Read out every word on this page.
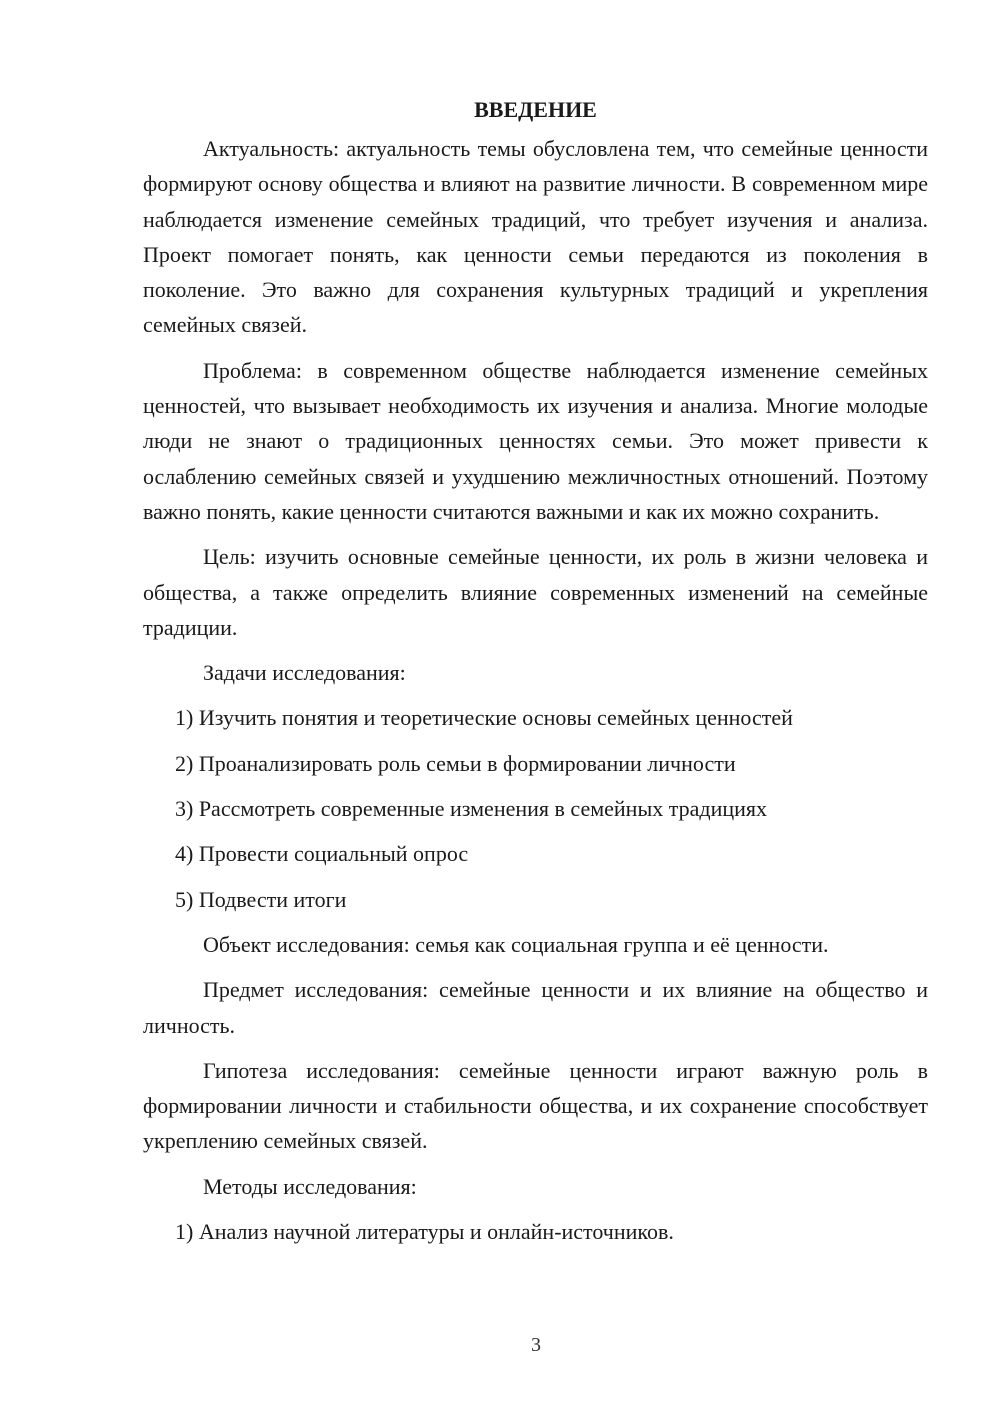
ВВЕДЕНИЕ

Актуальность: актуальность темы обусловлена тем, что семейные ценности формируют основу общества и влияют на развитие личности. В современном мире наблюдается изменение семейных традиций, что требует изучения и анализа. Проект помогает понять, как ценности семьи передаются из поколения в поколение. Это важно для сохранения культурных традиций и укрепления семейных связей.

Проблема: в современном обществе наблюдается изменение семейных ценностей, что вызывает необходимость их изучения и анализа. Многие молодые люди не знают о традиционных ценностях семьи. Это может привести к ослаблению семейных связей и ухудшению межличностных отношений. Поэтому важно понять, какие ценности считаются важными и как их можно сохранить.

Цель: изучить основные семейные ценности, их роль в жизни человека и общества, а также определить влияние современных изменений на семейные традиции.

Задачи исследования:

1) Изучить понятия и теоретические основы семейных ценностей

2) Проанализировать роль семьи в формировании личности

3) Рассмотреть современные изменения в семейных традициях

4) Провести социальный опрос

5) Подвести итоги

Объект исследования: семья как социальная группа и её ценности.

Предмет исследования: семейные ценности и их влияние на общество и личность.

Гипотеза исследования: семейные ценности играют важную роль в формировании личности и стабильности общества, и их сохранение способствует укреплению семейных связей.

Методы исследования:

1) Анализ научной литературы и онлайн-источников.

3
